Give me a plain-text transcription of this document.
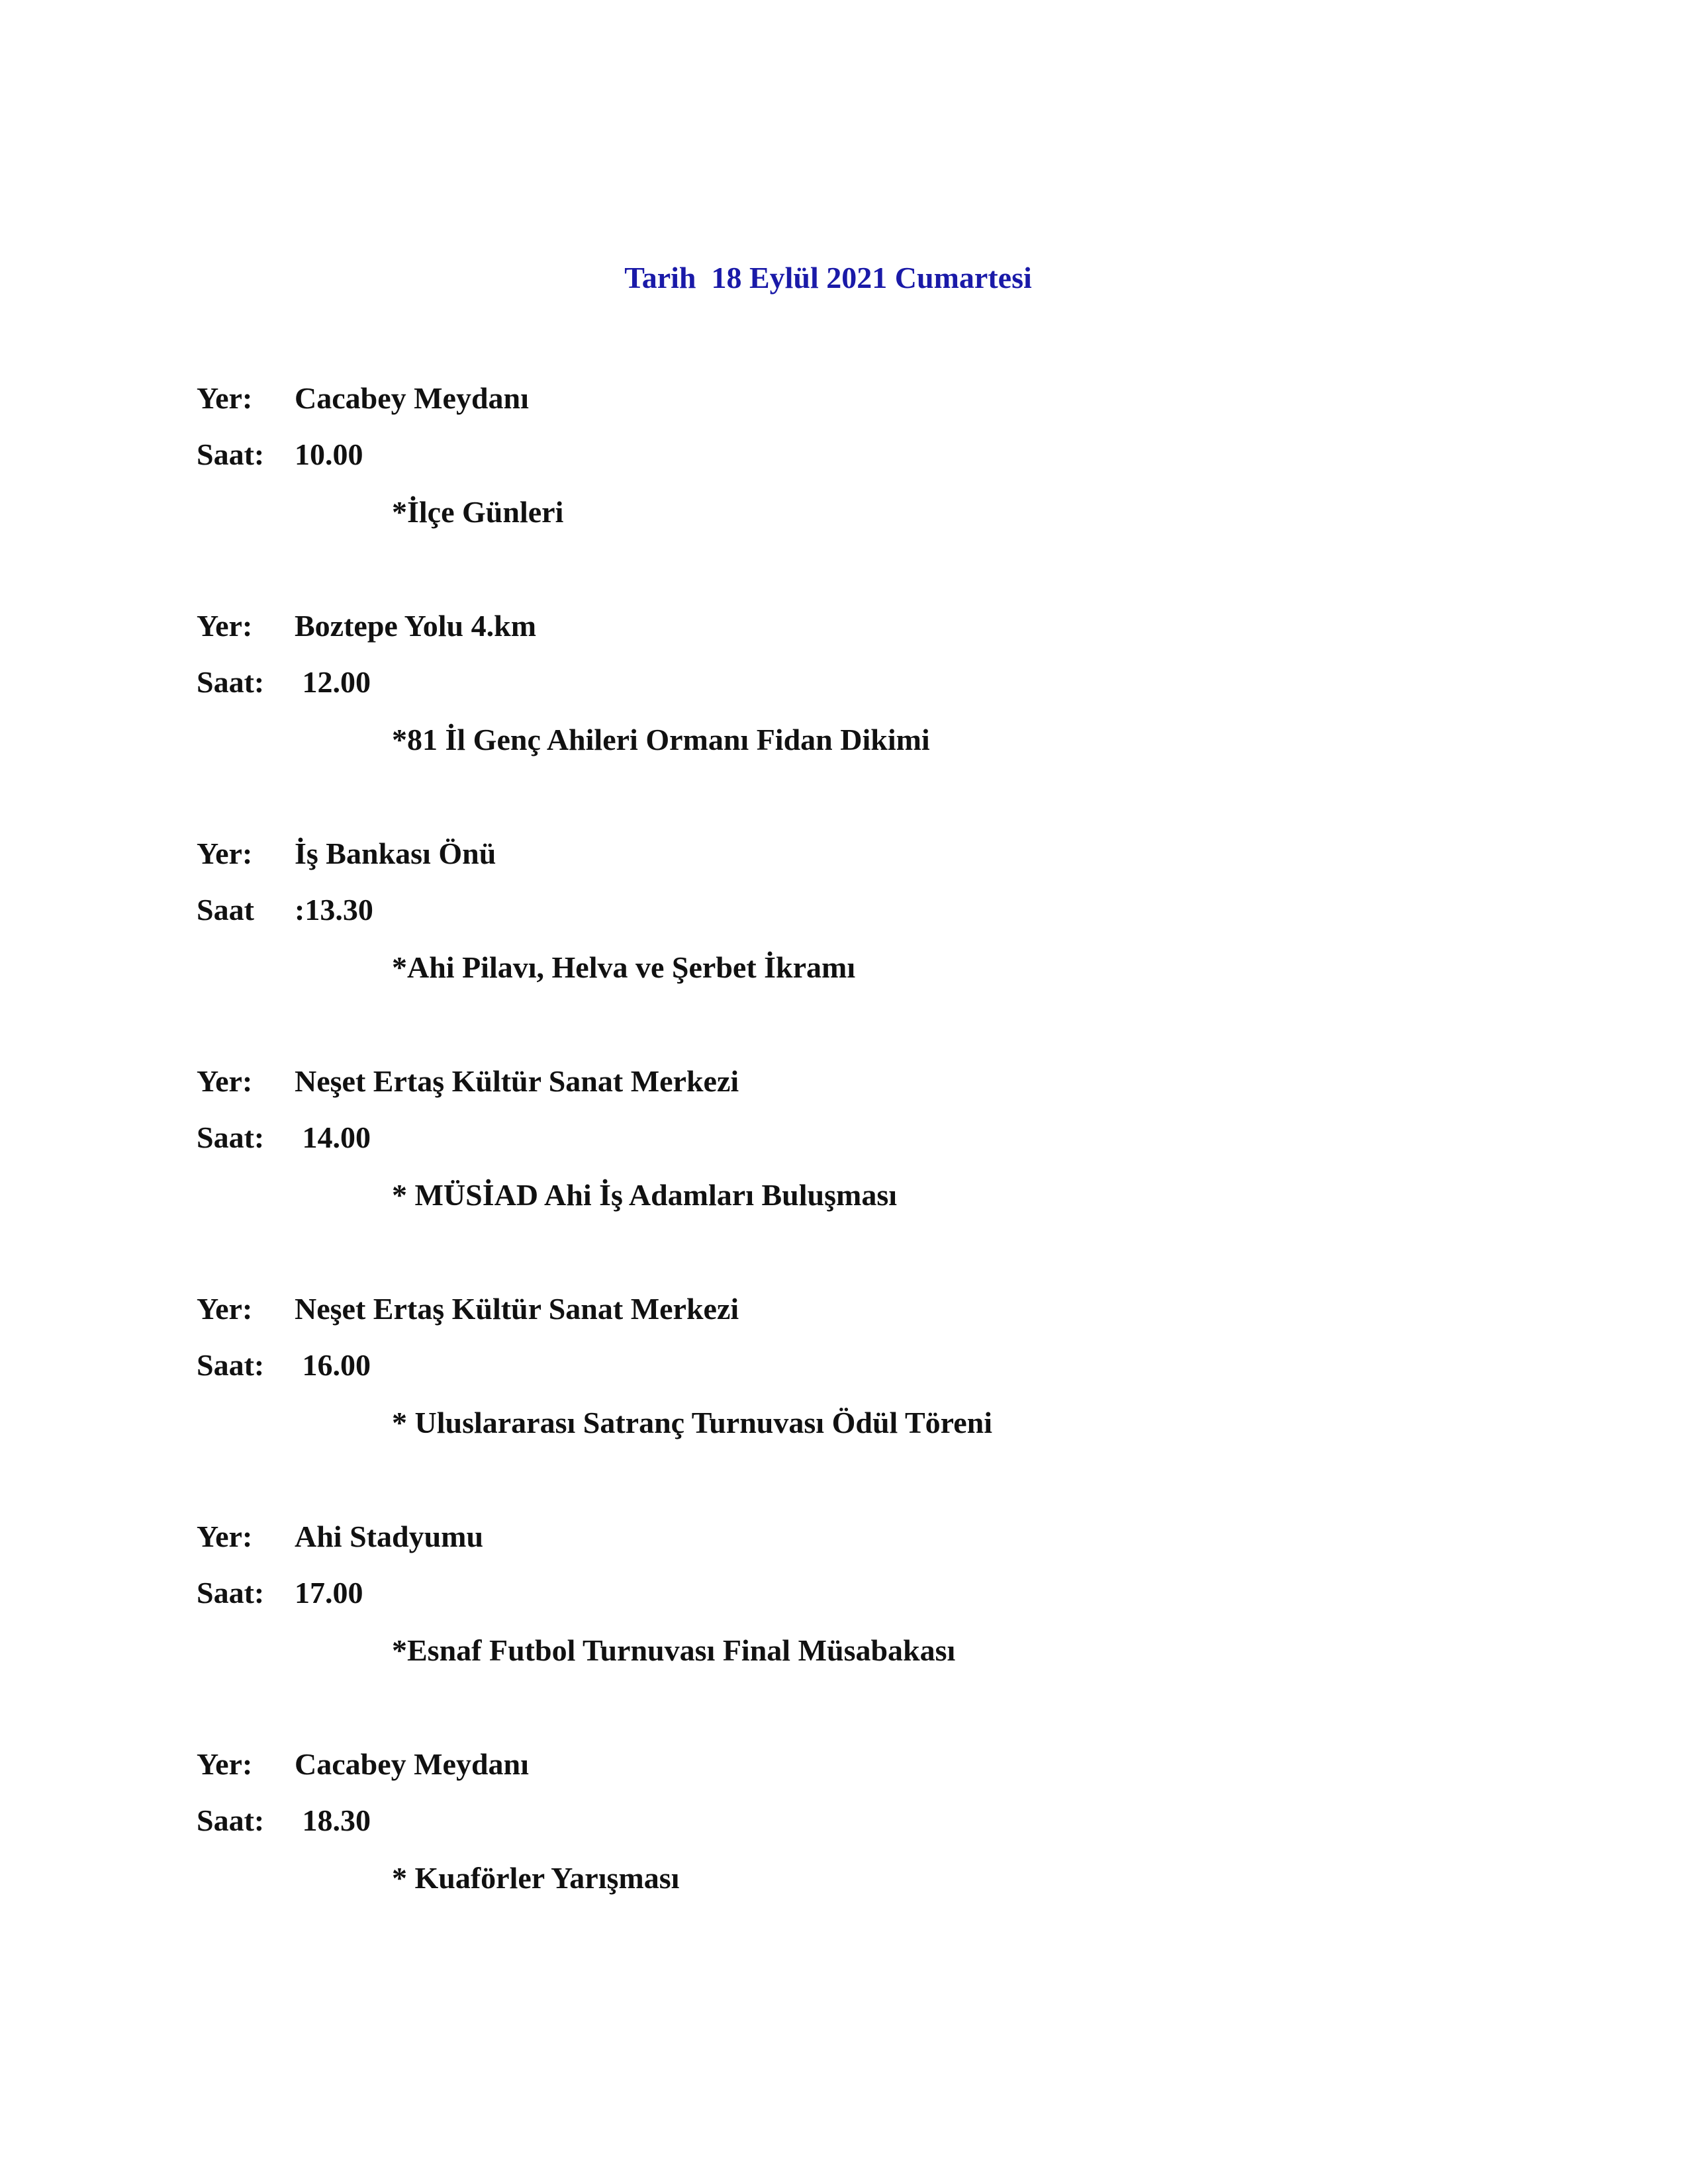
Tarih  18 Eylül 2021 Cumartesi

Yer:

Cacabey Meydanı

Saat:

10.00

*İlçe Günleri

Yer:

Boztepe Yolu 4.km

Saat:

12.00

*81 İl Genç Ahileri Ormanı Fidan Dikimi

Yer:

İş Bankası Önü

Saat

:13.30

*Ahi Pilavı, Helva ve Şerbet İkramı

Yer:

Neşet Ertaş Kültür Sanat Merkezi

Saat:

14.00

* MÜSİAD Ahi İş Adamları Buluşması

Yer:

Neşet Ertaş Kültür Sanat Merkezi

Saat:

16.00

* Uluslararası Satranç Turnuvası Ödül Töreni

Yer:

Ahi Stadyumu

Saat:

17.00

*Esnaf Futbol Turnuvası Final Müsabakası

Yer:

Cacabey Meydanı

Saat:

18.30

* Kuaförler Yarışması
